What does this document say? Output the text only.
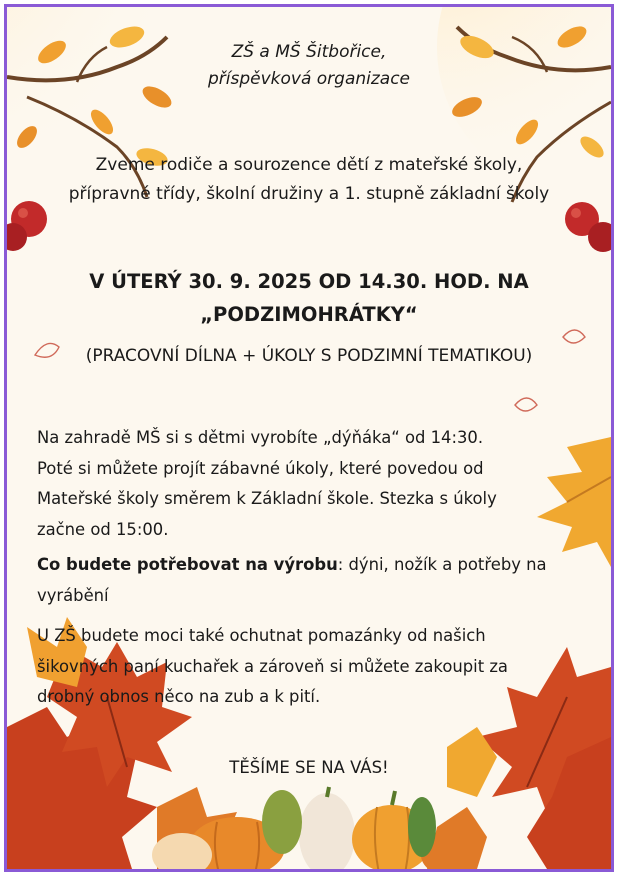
ZŠ a MŠ Šitbořice,
příspěvková organizace
Zveme rodiče a sourozence dětí z mateřské školy,
přípravné třídy, školní družiny a 1. stupně základní školy
V ÚTERÝ 30. 9. 2025 OD 14.30. HOD. NA
„PODZIMOHRÁTKY“
(PRACOVNÍ DÍLNA + ÚKOLY S PODZIMNÍ TEMATIKOU)
Na zahradě MŠ si s dětmi vyrobíte „dýňáka“ od 14:30.
Poté si můžete projít zábavné úkoly, které povedou od
Mateřské školy směrem k Základní škole. Stezka s úkoly
začne od 15:00.
Co budete potřebovat na výrobu: dýni, nožík a potřeby na
vyrábění
U ZŠ budete moci také ochutnat pomazánky od našich
šikovných paní kuchařek a zároveň si můžete zakoupit za
drobný obnos něco na zub a k pití.
TĚŠÍME SE NA VÁS!
